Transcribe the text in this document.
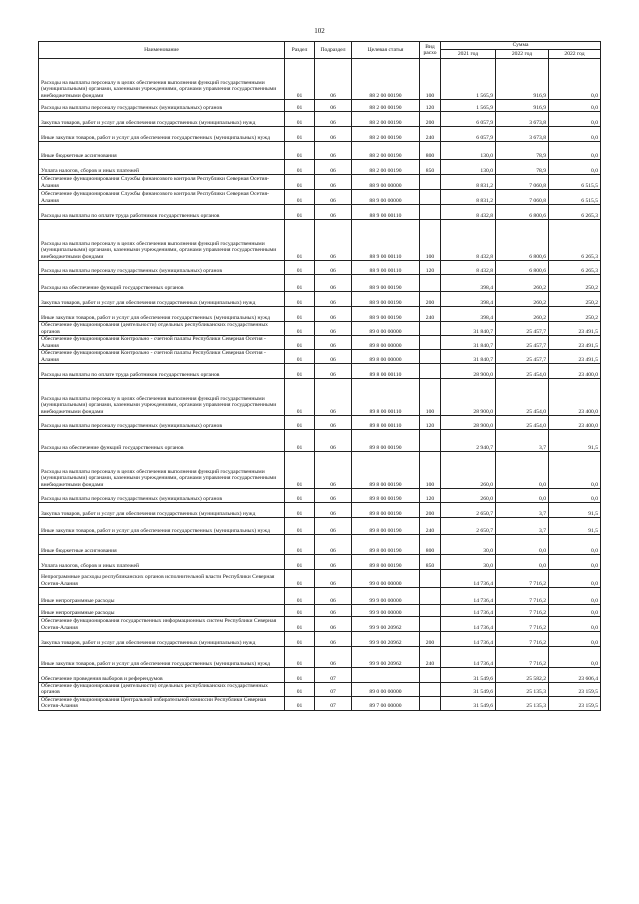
102
Наименование	Раздел	Подраздел	Целевая статья	Вид расхо	Сумма		
					2021 год	2022 год	2022 год
Расходы на выплаты персоналу в целях обеспечения выполнения функций государственными (муниципальными) органами, казенными учреждениями, органами управления государственными внебюджетными фондами	01	06	88 2 00 00190	100	1 565,9	916,9	0,0
Расходы на выплаты персоналу государственных (муниципальных) органов	01	06	88 2 00 00190	120	1 565,9	916,9	0,0
Закупка товаров, работ и услуг для обеспечения государственных (муниципальных) нужд	01	06	88 2 00 00190	200	6 057,9	3 673,8	0,0
Иные закупки товаров, работ и услуг для обеспечения государственных (муниципальных) нужд	01	06	88 2 00 00190	240	6 057,9	3 673,8	0,0
Иные бюджетные ассигнования	01	06	88 2 00 00190	800	130,0	78,9	0,0
Уплата налогов, сборов и иных платежей	01	06	88 2 00 00190	850	130,0	78,9	0,0
Обеспечение функционирования Службы финансового контроля Республики Северная Осетия-Алания	01	06	88 9 00 00000		8 831,2	7 060,8	6 515,5
Обеспечение функционирования Службы финансового контроля Республики Северная Осетия-Алания	01	06	88 9 00 00000		8 831,2	7 060,8	6 515,5
Расходы на выплаты по оплате труда работников государственных органов	01	06	88 9 00 00110		8 432,8	6 800,6	6 265,3
Расходы на выплаты персоналу в целях обеспечения выполнения функций государственными (муниципальными) органами, казенными учреждениями, органами управления государственными внебюджетными фондами	01	06	88 9 00 00110	100	8 432,8	6 800,6	6 265,3
Расходы на выплаты персоналу государственных (муниципальных) органов	01	06	88 9 00 00110	120	8 432,8	6 800,6	6 265,3
Расходы на обеспечение функций государственных органов	01	06	88 9 00 00190		398,4	260,2	250,2
Закупка товаров, работ и услуг для обеспечения государственных (муниципальных) нужд	01	06	88 9 00 00190	200	398,4	260,2	250,2
Иные закупки товаров, работ и услуг для обеспечения государственных (муниципальных) нужд	01	06	88 9 00 00190	240	398,4	260,2	250,2
Обеспечение функционирования (деятельности) отдельных республиканских государственных органов	01	06	89 0 00 00000		31 840,7	25 457,7	23 491,5
Обеспечение функционирования Контрольно - счетной палаты Республики Северная Осетия - Алания	01	06	89 8 00 00000		31 840,7	25 457,7	23 491,5
Обеспечение функционирования Контрольно - счетной палаты Республики Северная Осетия - Алания	01	06	89 8 00 00000		31 840,7	25 457,7	23 491,5
Расходы на выплаты по оплате труда работников государственных органов	01	06	89 8 00 00110		28 900,0	25 454,0	23 400,0
Расходы на выплаты персоналу в целях обеспечения выполнения функций государственными (муниципальными) органами, казенными учреждениями, органами управления государственными внебюджетными фондами	01	06	89 8 00 00110	100	28 900,0	25 454,0	23 400,0
Расходы на выплаты персоналу государственных (муниципальных) органов	01	06	89 8 00 00110	120	28 900,0	25 454,0	23 400,0
Расходы на обеспечение функций государственных органов	01	06	89 8 00 00190		2 940,7	3,7	91,5
Расходы на выплаты персоналу в целях обеспечения выполнения функций государственными (муниципальными) органами, казенными учреждениями, органами управления государственными внебюджетными фондами	01	06	89 8 00 00190	100	260,0	0,0	0,0
Расходы на выплаты персоналу государственных (муниципальных) органов	01	06	89 8 00 00190	120	260,0	0,0	0,0
Закупка товаров, работ и услуг для обеспечения государственных (муниципальных) нужд	01	06	89 8 00 00190	200	2 650,7	3,7	91,5
Иные закупки товаров, работ и услуг для обеспечения государственных (муниципальных) нужд	01	06	89 8 00 00190	240	2 650,7	3,7	91,5
Иные бюджетные ассигнования	01	06	89 8 00 00190	800	30,0	0,0	0,0
Уплата налогов, сборов и иных платежей	01	06	89 8 00 00190	850	30,0	0,0	0,0
Непрограммные расходы республиканских органов исполнительной власти Республики Северная Осетия-Алания	01	06	99 0 00 00000		14 736,4	7 716,2	0,0
Иные непрограммные расходы	01	06	99 9 00 00000		14 736,4	7 716,2	0,0
Иные непрограммные расходы	01	06	99 9 00 00000		14 736,4	7 716,2	0,0
Обеспечение функционирования государственных информационных систем Республики Северная Осетия-Алания	01	06	99 9 00 20962		14 736,4	7 716,2	0,0
Закупка товаров, работ и услуг для обеспечения государственных (муниципальных) нужд	01	06	99 9 00 20962	200	14 736,4	7 716,2	0,0
Иные закупки товаров, работ и услуг для обеспечения государственных (муниципальных) нужд	01	06	99 9 00 20962	240	14 736,4	7 716,2	0,0
Обеспечение проведения выборов и референдумов	01	07			31 549,6	25 582,2	23 606,4
Обеспечение функционирования (деятельности) отдельных республиканских государственных органов	01	07	89 0 00 00000		31 549,6	25 135,3	23 159,5
Обеспечение функционирования Центральной избирательной комиссии Республики Северная Осетия-Алания	01	07	89 7 00 00000		31 549,6	25 135,3	23 159,5
